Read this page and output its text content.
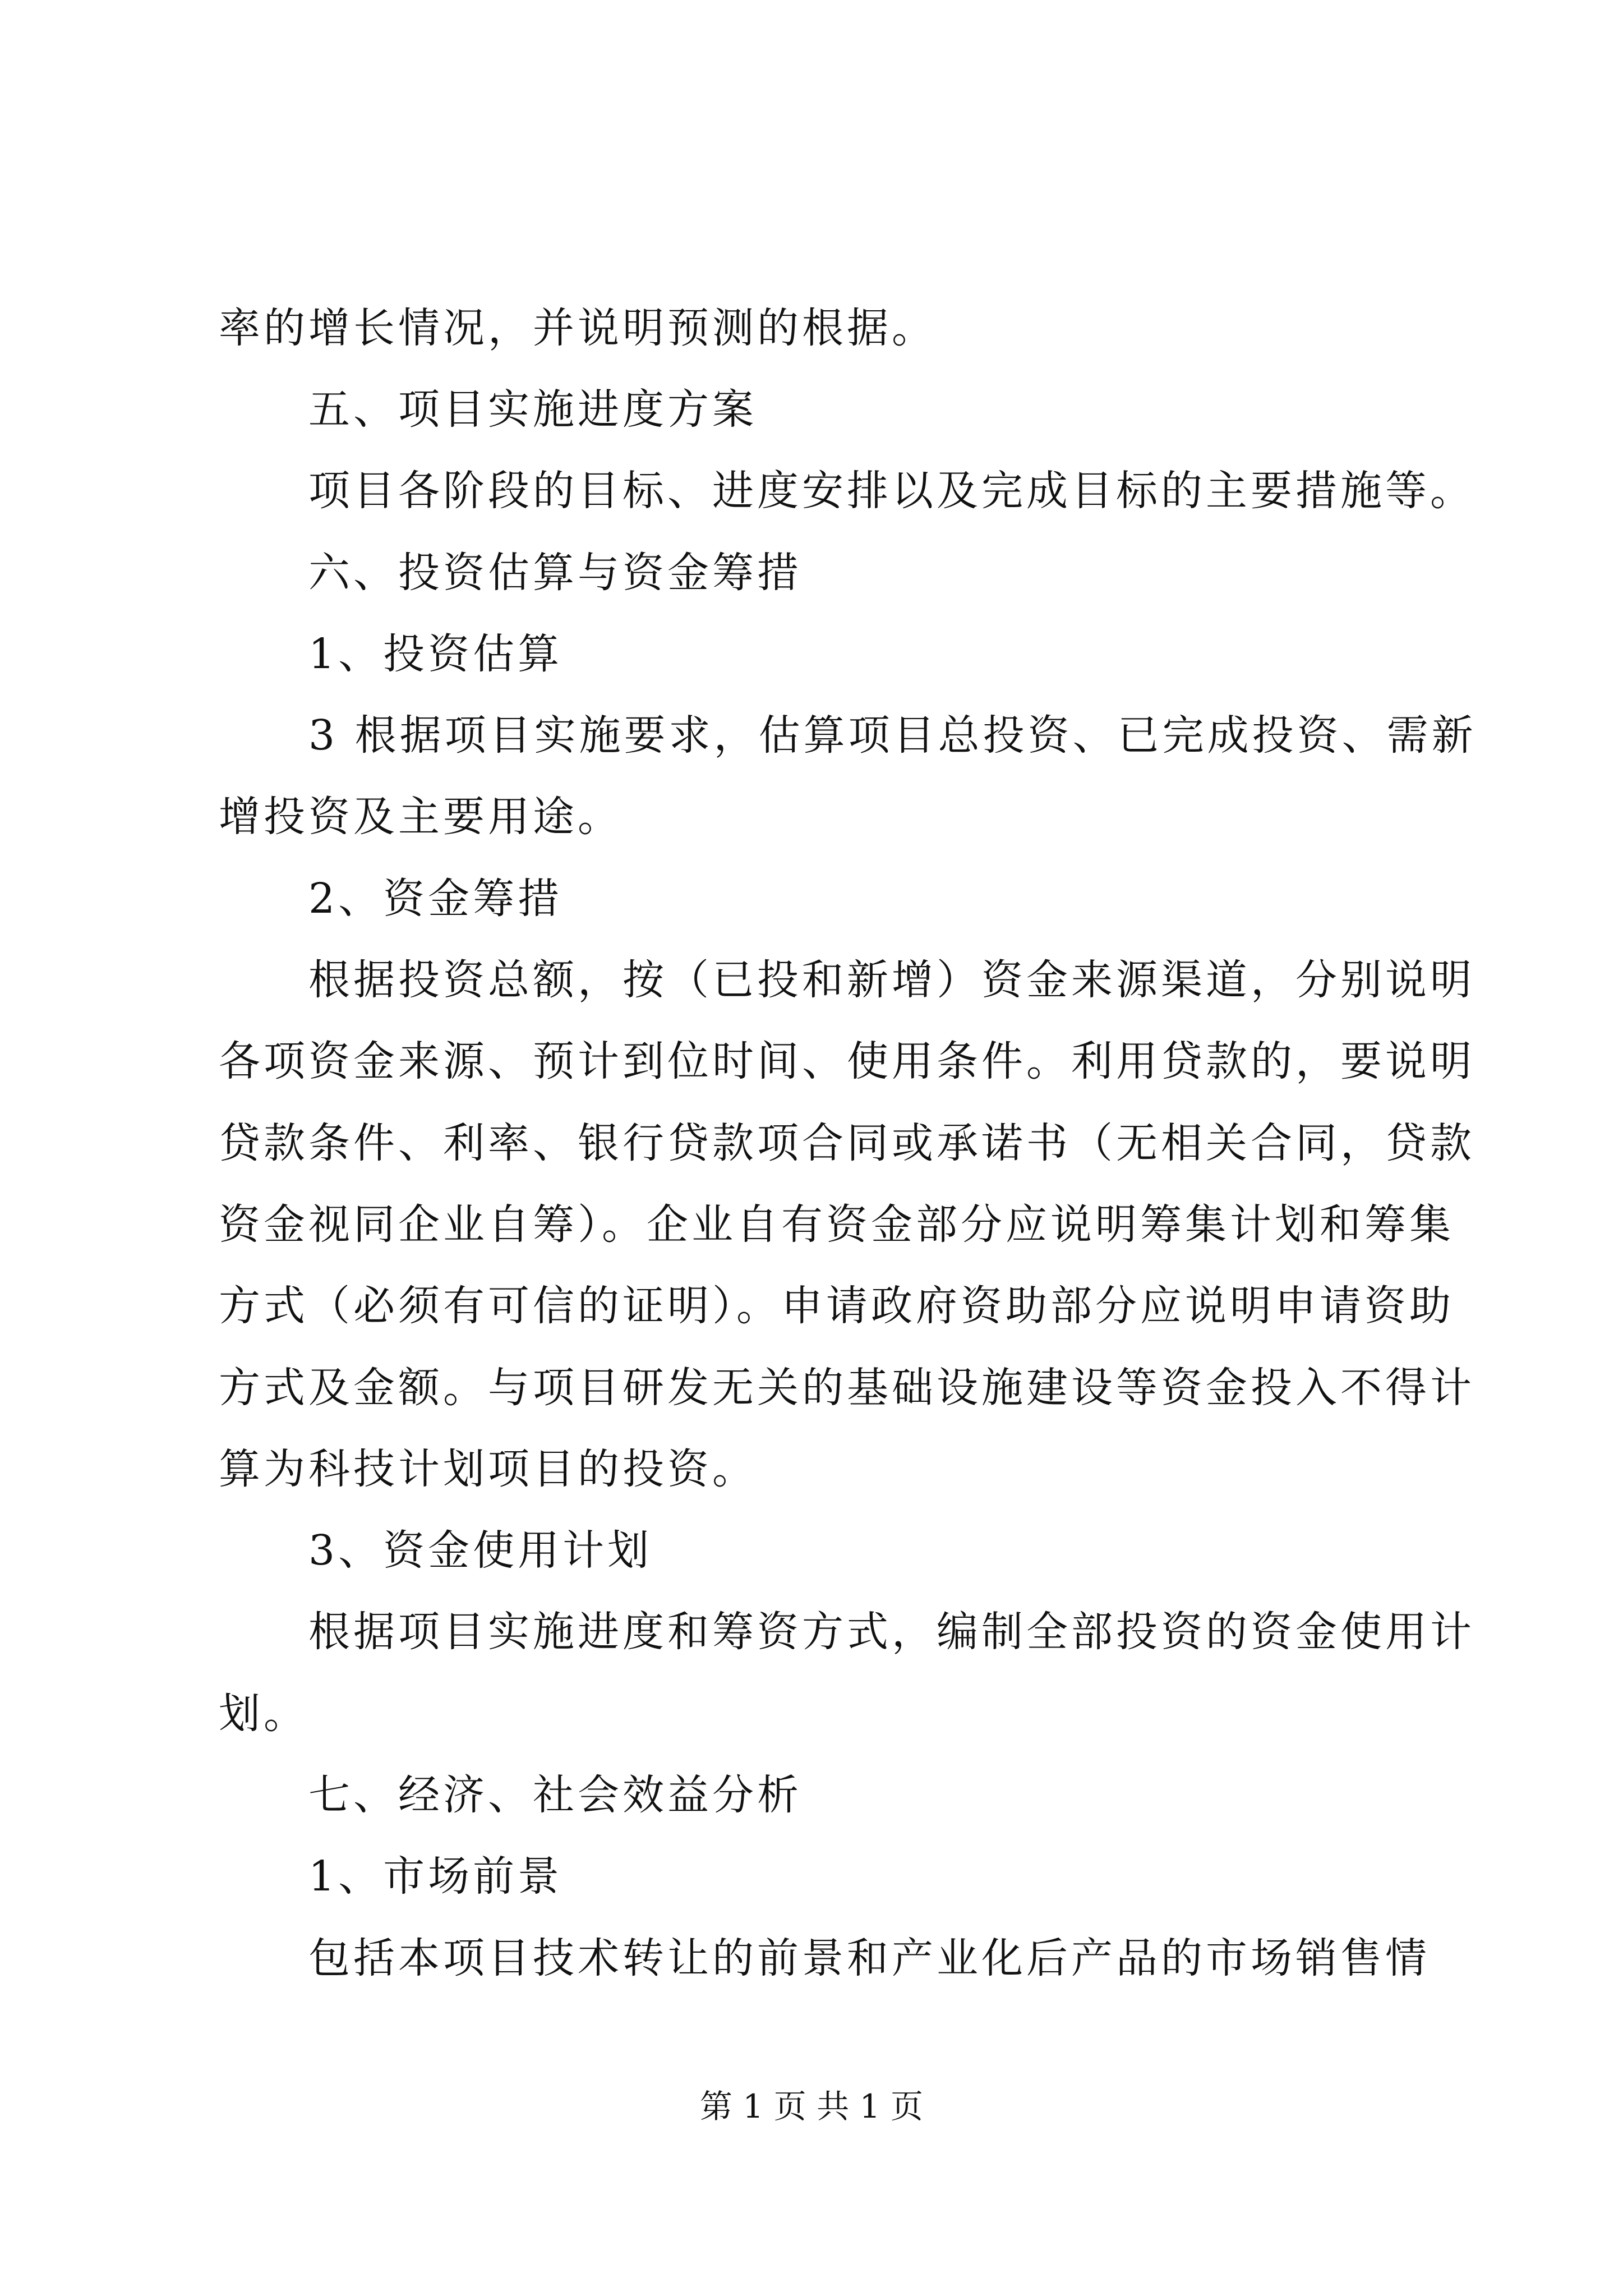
率的增长情况，并说明预测的根据。
五、项目实施进度方案
项目各阶段的目标、进度安排以及完成目标的主要措施等。
六、投资估算与资金筹措
1、投资估算
3 根据项目实施要求，估算项目总投资、已完成投资、需新
增投资及主要用途。
2、资金筹措
根据投资总额，按（已投和新增）资金来源渠道，分别说明
各项资金来源、预计到位时间、使用条件。利用贷款的，要说明
贷款条件、利率、银行贷款项合同或承诺书（无相关合同，贷款
资金视同企业自筹）。企业自有资金部分应说明筹集计划和筹集
方式（必须有可信的证明）。申请政府资助部分应说明申请资助
方式及金额。与项目研发无关的基础设施建设等资金投入不得计
算为科技计划项目的投资。
3、资金使用计划
根据项目实施进度和筹资方式，编制全部投资的资金使用计
划。
七、经济、社会效益分析
1、市场前景
包括本项目技术转让的前景和产业化后产品的市场销售情
第 1 页 共 1 页
